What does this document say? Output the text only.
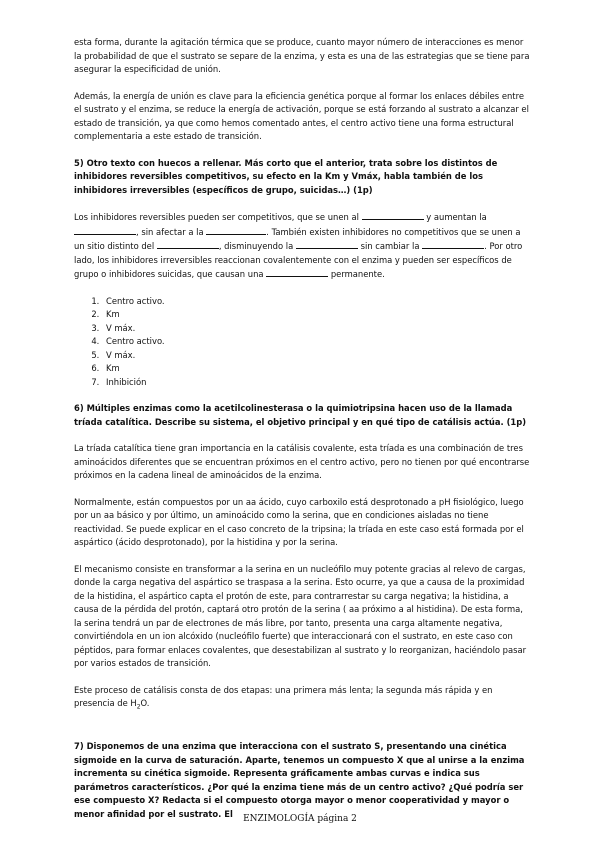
esta forma, durante la agitación térmica que se produce, cuanto mayor número de interacciones es menor la probabilidad de que el sustrato se separe de la enzima, y esta es una de las estrategias que se tiene para asegurar la especificidad de unión.

Además, la energía de unión es clave para la eficiencia genética porque al formar los enlaces débiles entre el sustrato y el enzima, se reduce la energía de activación, porque se está forzando al sustrato a alcanzar el estado de transición, ya que como hemos comentado antes, el centro activo tiene una forma estructural complementaria a este estado de transición.

5) Otro texto con huecos a rellenar. Más corto que el anterior, trata sobre los distintos de inhibidores reversibles competitivos, su efecto en la Km y Vmáx, habla también de los inhibidores irreversibles (específicos de grupo, suicidas…) (1p)

Los inhibidores reversibles pueden ser competitivos, que se unen al	y aumentan la , sin afectar a la	. También existen inhibidores no competitivos que se unen a un sitio distinto del	, disminuyendo la	sin cambiar la	. Por otro lado, los inhibidores irreversibles reaccionan covalentemente con el enzima y pueden ser específicos de grupo o inhibidores suicidas, que causan una	permanente.

1. Centro activo.
2. Km
3. V máx.
4. Centro activo.
5. V máx.
6. Km
7. Inhibición

6) Múltiples enzimas como la acetilcolinesterasa o la quimiotripsina hacen uso de la llamada tríada catalítica. Describe su sistema, el objetivo principal y en qué tipo de catálisis actúa. (1p)

La tríada catalítica tiene gran importancia en la catálisis covalente, esta tríada es una combinación de tres aminoácidos diferentes que se encuentran próximos en el centro activo, pero no tienen por qué encontrarse próximos en la cadena lineal de aminoácidos de la enzima.

Normalmente, están compuestos por un aa ácido, cuyo carboxilo está desprotonado a pH fisiológico, luego por un aa básico y por último, un aminoácido como la serina, que en condiciones aisladas no tiene reactividad. Se puede explicar en el caso concreto de la tripsina; la tríada en este caso está formada por el aspártico (ácido desprotonado), por la histidina y por la serina.

El mecanismo consiste en transformar a la serina en un nucleófilo muy potente gracias al relevo de cargas, donde la carga negativa del aspártico se traspasa a la serina. Esto ocurre, ya que a causa de la proximidad de la histidina, el aspártico capta el protón de este, para contrarrestar su carga negativa; la histidina, a causa de la pérdida del protón, captará otro protón de la serina ( aa próximo a al histidina). De esta forma, la serina tendrá un par de electrones de más libre, por tanto, presenta una carga altamente negativa, convirtiéndola en un ion alcóxido (nucleófilo fuerte) que interaccionará con el sustrato, en este caso con péptidos, para formar enlaces covalentes, que desestabilizan al sustrato y lo reorganizan, haciéndolo pasar por varios estados de transición.

Este proceso de catálisis consta de dos etapas: una primera más lenta; la segunda más rápida y en presencia de $H_2O$.

7) Disponemos de una enzima que interacciona con el sustrato S, presentando una cinética sigmoide en la curva de saturación. Aparte, tenemos un compuesto X que al unirse a la enzima incrementa su cinética sigmoide. Representa gráficamente ambas curvas e indica sus parámetros característicos. ¿Por qué la enzima tiene más de un centro activo? ¿Qué podría ser ese compuesto X? Redacta si el compuesto otorga mayor o menor cooperatividad y mayor o menor afinidad por el sustrato. El

ENZIMOLOGÍA página 2
